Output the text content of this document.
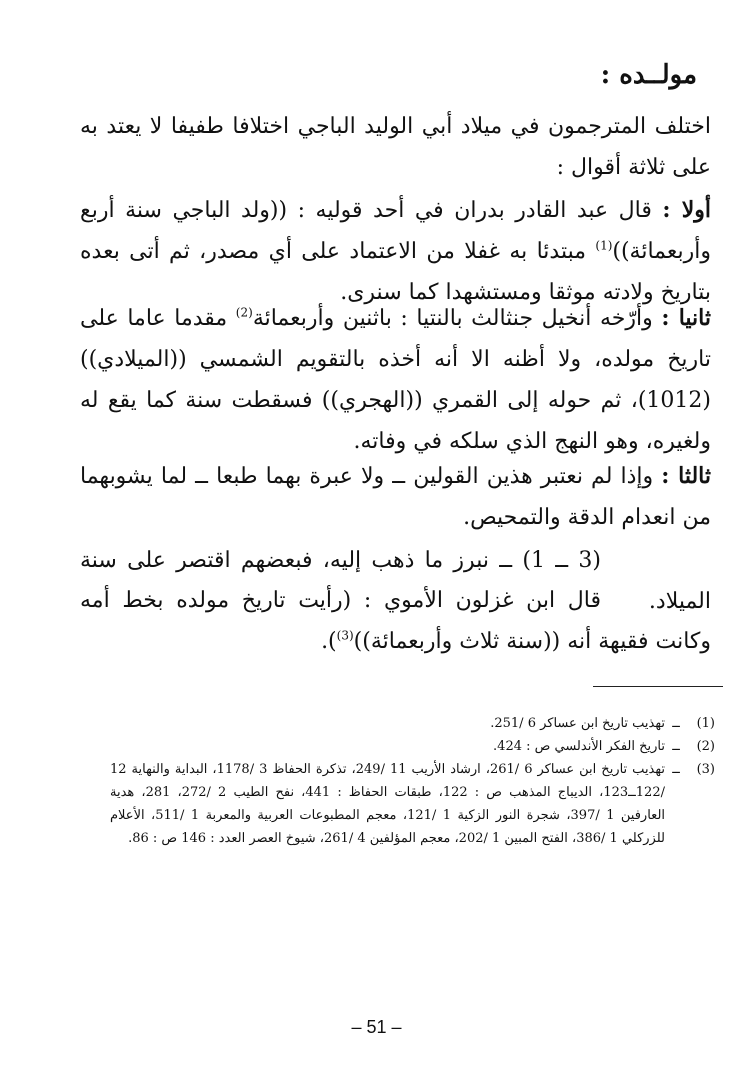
مولــده :

اختلف المترجمون في ميلاد أبي الوليد الباجي اختلافا طفيفا لا يعتد به على ثلاثة أقوال :

أولا : قال عبد القادر بدران في أحد قوليه : ((ولد الباجي سنة أربع وأربعمائة))$^{(1)}$ مبتدئا به غفلا من الاعتماد على أي مصدر، ثم أتى بعده بتاريخ ولادته موثقا ومستشهدا كما سنرى.

ثانيا : وأرّخه أنخيل جنثالث بالنتيا : باثنين وأربعمائة$^{(2)}$ مقدما عاما على تاريخ مولده، ولا أظنه الا أنه أخذه بالتقويم الشمسي ((الميلادي)) (1012)، ثم حوله إلى القمري ((الهجري)) فسقطت سنة كما يقع له ولغيره، وهو النهج الذي سلكه في وفاته.

ثالثا : وإذا لم نعتبر هذين القولين ــ ولا عبرة بهما طبعا ــ لما يشوبهما من انعدام الدقة والتمحيص.

(3 ــ 1) ــ نبرز ما ذهب إليه، فبعضهم اقتصر على سنة الميلاد.

قال ابن غزلون الأموي : (رأيت تاريخ مولده بخط أمه وكانت فقيهة أنه ((سنة ثلاث وأربعمائة))$^{(3)}$).

(1)
ــ
تهذيب تاريخ ابن عساكر 6 /251.
(2)
ــ
تاريخ الفكر الأندلسي ص : 424.
(3)
ــ
تهذيب تاريخ ابن عساكر 6 /261، ارشاد الأريب 11 /249، تذكرة الحفاظ 3 /1178، البداية والنهاية 12 /122ــ123، الديباج المذهب ص : 122، طبقات الحفاظ : 441، نفح الطيب 2 /272، 281، هدية العارفين 1 /397، شجرة النور الزكية 1 /121، معجم المطبوعات العربية والمعربة 1 /511، الأعلام للزركلي 1 /386، الفتح المبين 1 /202، معجم المؤلفين 4 /261، شيوخ العصر العدد : 146 ص : 86.
– 51 –
